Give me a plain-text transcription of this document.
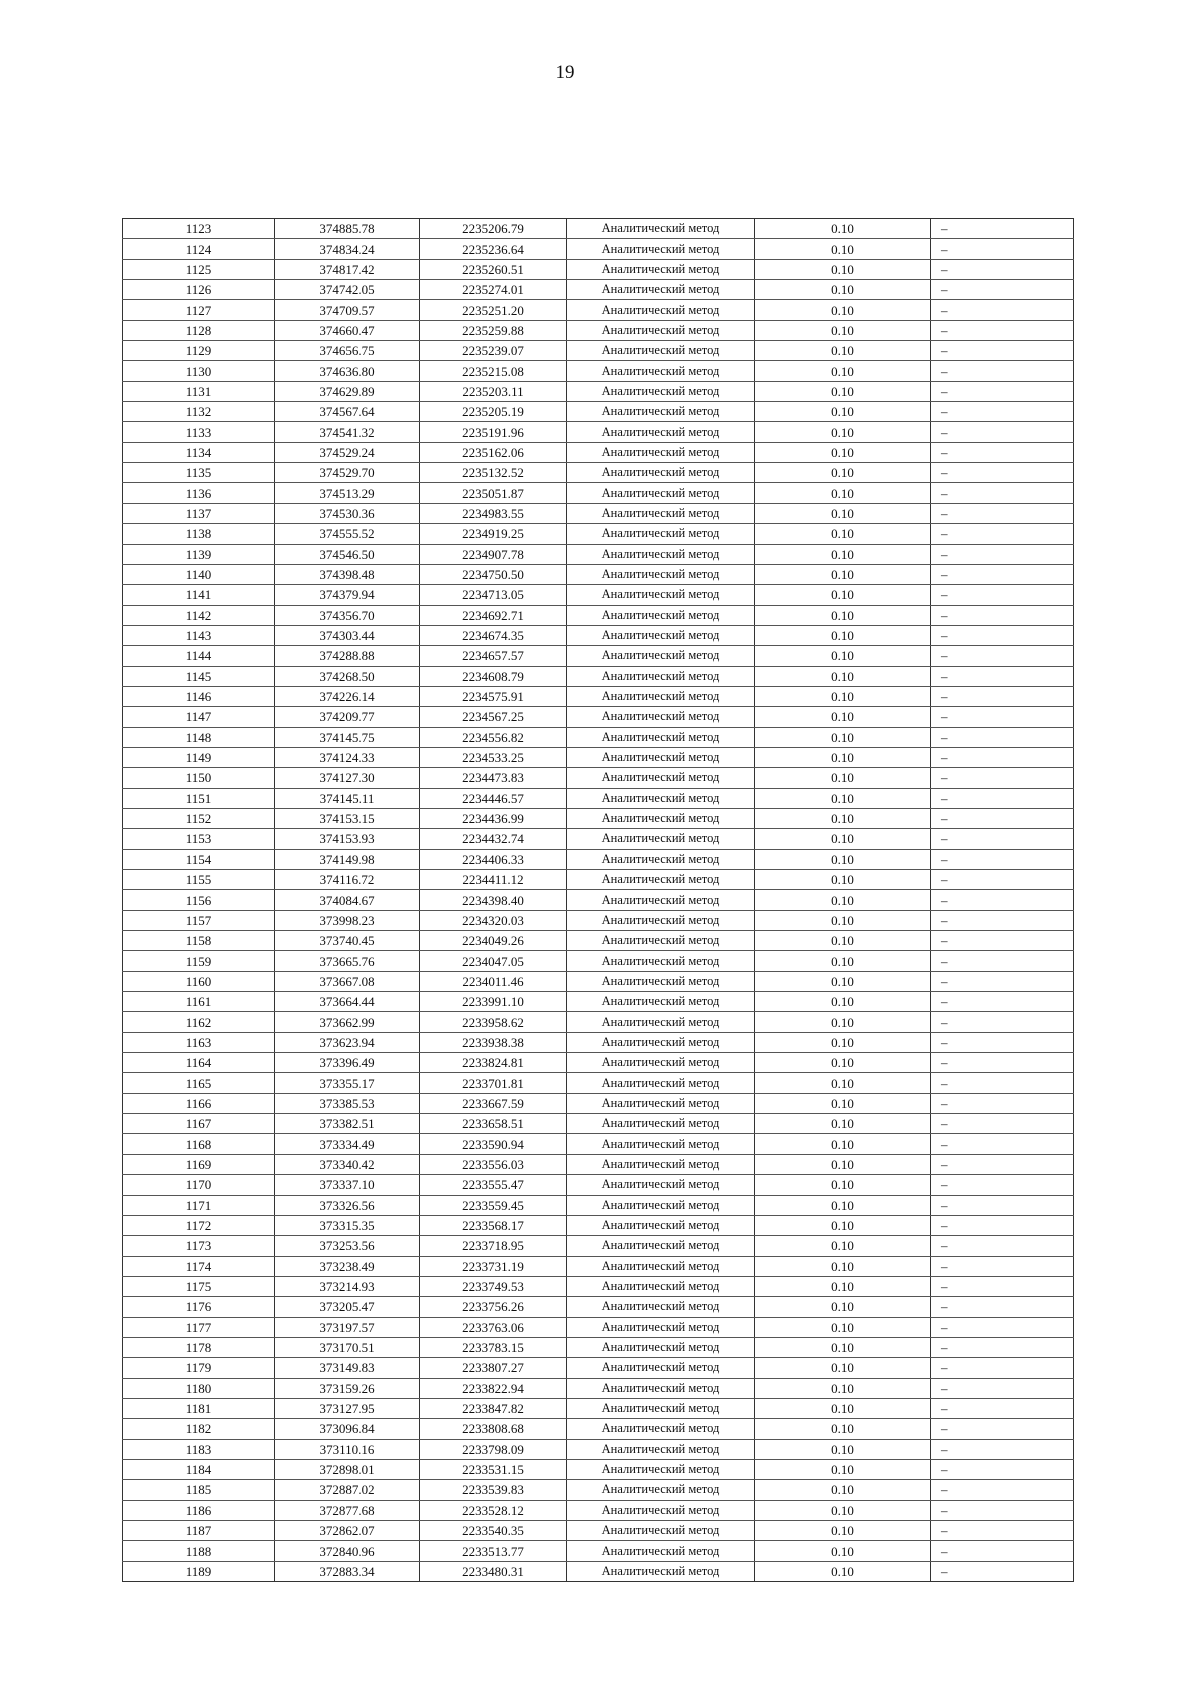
19
1123	374885.78	2235206.79	Аналитический метод	0.10	–
1124	374834.24	2235236.64	Аналитический метод	0.10	–
1125	374817.42	2235260.51	Аналитический метод	0.10	–
1126	374742.05	2235274.01	Аналитический метод	0.10	–
1127	374709.57	2235251.20	Аналитический метод	0.10	–
1128	374660.47	2235259.88	Аналитический метод	0.10	–
1129	374656.75	2235239.07	Аналитический метод	0.10	–
1130	374636.80	2235215.08	Аналитический метод	0.10	–
1131	374629.89	2235203.11	Аналитический метод	0.10	–
1132	374567.64	2235205.19	Аналитический метод	0.10	–
1133	374541.32	2235191.96	Аналитический метод	0.10	–
1134	374529.24	2235162.06	Аналитический метод	0.10	–
1135	374529.70	2235132.52	Аналитический метод	0.10	–
1136	374513.29	2235051.87	Аналитический метод	0.10	–
1137	374530.36	2234983.55	Аналитический метод	0.10	–
1138	374555.52	2234919.25	Аналитический метод	0.10	–
1139	374546.50	2234907.78	Аналитический метод	0.10	–
1140	374398.48	2234750.50	Аналитический метод	0.10	–
1141	374379.94	2234713.05	Аналитический метод	0.10	–
1142	374356.70	2234692.71	Аналитический метод	0.10	–
1143	374303.44	2234674.35	Аналитический метод	0.10	–
1144	374288.88	2234657.57	Аналитический метод	0.10	–
1145	374268.50	2234608.79	Аналитический метод	0.10	–
1146	374226.14	2234575.91	Аналитический метод	0.10	–
1147	374209.77	2234567.25	Аналитический метод	0.10	–
1148	374145.75	2234556.82	Аналитический метод	0.10	–
1149	374124.33	2234533.25	Аналитический метод	0.10	–
1150	374127.30	2234473.83	Аналитический метод	0.10	–
1151	374145.11	2234446.57	Аналитический метод	0.10	–
1152	374153.15	2234436.99	Аналитический метод	0.10	–
1153	374153.93	2234432.74	Аналитический метод	0.10	–
1154	374149.98	2234406.33	Аналитический метод	0.10	–
1155	374116.72	2234411.12	Аналитический метод	0.10	–
1156	374084.67	2234398.40	Аналитический метод	0.10	–
1157	373998.23	2234320.03	Аналитический метод	0.10	–
1158	373740.45	2234049.26	Аналитический метод	0.10	–
1159	373665.76	2234047.05	Аналитический метод	0.10	–
1160	373667.08	2234011.46	Аналитический метод	0.10	–
1161	373664.44	2233991.10	Аналитический метод	0.10	–
1162	373662.99	2233958.62	Аналитический метод	0.10	–
1163	373623.94	2233938.38	Аналитический метод	0.10	–
1164	373396.49	2233824.81	Аналитический метод	0.10	–
1165	373355.17	2233701.81	Аналитический метод	0.10	–
1166	373385.53	2233667.59	Аналитический метод	0.10	–
1167	373382.51	2233658.51	Аналитический метод	0.10	–
1168	373334.49	2233590.94	Аналитический метод	0.10	–
1169	373340.42	2233556.03	Аналитический метод	0.10	–
1170	373337.10	2233555.47	Аналитический метод	0.10	–
1171	373326.56	2233559.45	Аналитический метод	0.10	–
1172	373315.35	2233568.17	Аналитический метод	0.10	–
1173	373253.56	2233718.95	Аналитический метод	0.10	–
1174	373238.49	2233731.19	Аналитический метод	0.10	–
1175	373214.93	2233749.53	Аналитический метод	0.10	–
1176	373205.47	2233756.26	Аналитический метод	0.10	–
1177	373197.57	2233763.06	Аналитический метод	0.10	–
1178	373170.51	2233783.15	Аналитический метод	0.10	–
1179	373149.83	2233807.27	Аналитический метод	0.10	–
1180	373159.26	2233822.94	Аналитический метод	0.10	–
1181	373127.95	2233847.82	Аналитический метод	0.10	–
1182	373096.84	2233808.68	Аналитический метод	0.10	–
1183	373110.16	2233798.09	Аналитический метод	0.10	–
1184	372898.01	2233531.15	Аналитический метод	0.10	–
1185	372887.02	2233539.83	Аналитический метод	0.10	–
1186	372877.68	2233528.12	Аналитический метод	0.10	–
1187	372862.07	2233540.35	Аналитический метод	0.10	–
1188	372840.96	2233513.77	Аналитический метод	0.10	–
1189	372883.34	2233480.31	Аналитический метод	0.10	–
